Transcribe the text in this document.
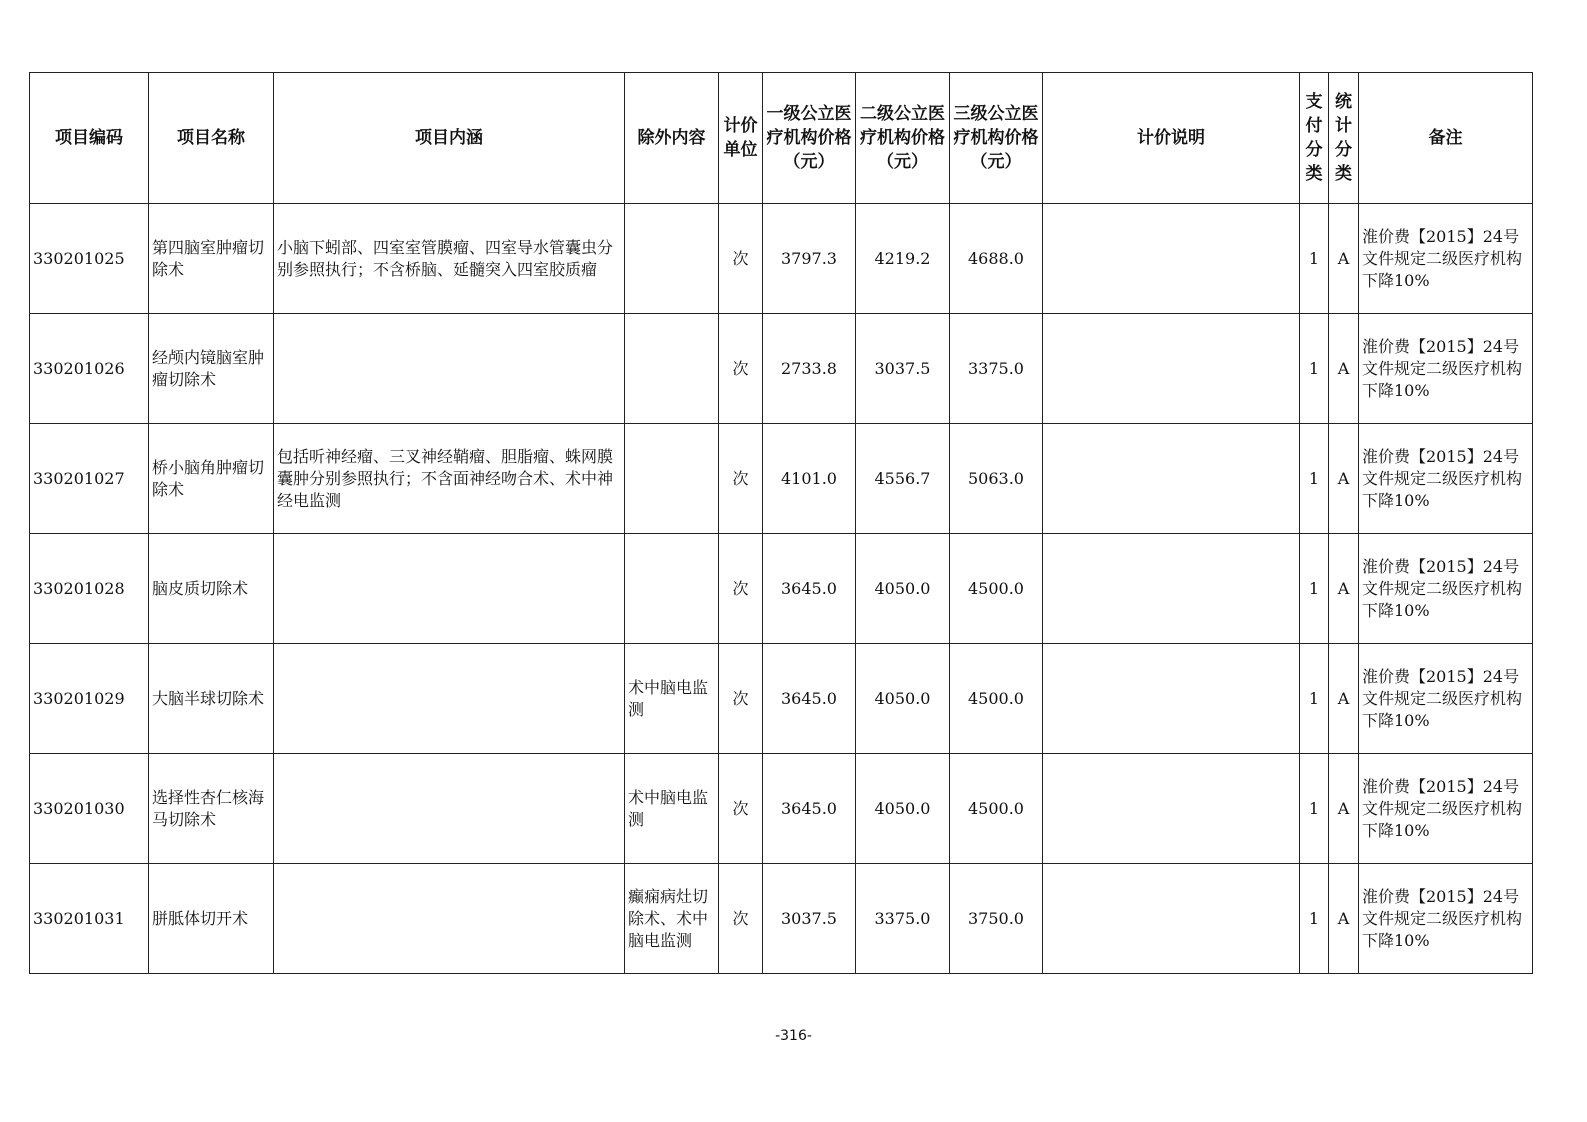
项目编码	项目名称	项目内涵	除外内容	计价单位	一级公立医疗机构价格（元）	二级公立医疗机构价格（元）	三级公立医疗机构价格（元）	计价说明	支付分类	统计分类	备注
330201025	第四脑室肿瘤切除术	小脑下蚓部、四室室管膜瘤、四室导水管囊虫分别参照执行；不含桥脑、延髓突入四室胶质瘤		次	3797.3	4219.2	4688.0		1	A	淮价费【2015】24号文件规定二级医疗机构下降10%
330201026	经颅内镜脑室肿瘤切除术			次	2733.8	3037.5	3375.0		1	A	淮价费【2015】24号文件规定二级医疗机构下降10%
330201027	桥小脑角肿瘤切除术	包括听神经瘤、三叉神经鞘瘤、胆脂瘤、蛛网膜囊肿分别参照执行；不含面神经吻合术、术中神经电监测		次	4101.0	4556.7	5063.0		1	A	淮价费【2015】24号文件规定二级医疗机构下降10%
330201028	脑皮质切除术			次	3645.0	4050.0	4500.0		1	A	淮价费【2015】24号文件规定二级医疗机构下降10%
330201029	大脑半球切除术		术中脑电监测	次	3645.0	4050.0	4500.0		1	A	淮价费【2015】24号文件规定二级医疗机构下降10%
330201030	选择性杏仁核海马切除术		术中脑电监测	次	3645.0	4050.0	4500.0		1	A	淮价费【2015】24号文件规定二级医疗机构下降10%
330201031	胼胝体切开术		癫痫病灶切除术、术中脑电监测	次	3037.5	3375.0	3750.0		1	A	淮价费【2015】24号文件规定二级医疗机构下降10%
-316-
